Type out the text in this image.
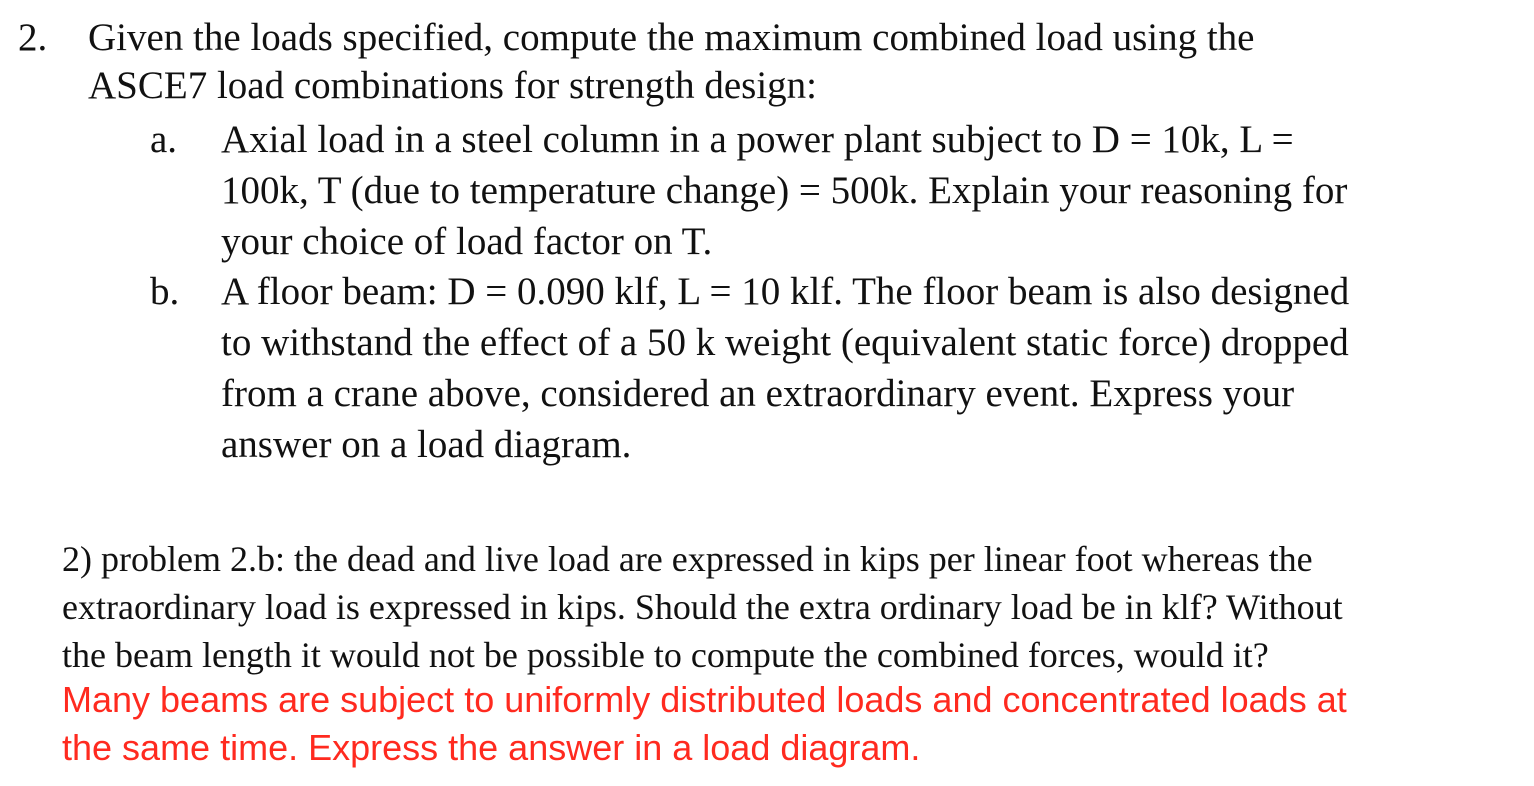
2. Given the loads specified, compute the maximum combined load using the
ASCE7 load combinations for strength design:
a. Axial load in a steel column in a power plant subject to D = 10k, L =
100k, T (due to temperature change) = 500k. Explain your reasoning for
your choice of load factor on T.
b. A floor beam: D = 0.090 klf, L = 10 klf. The floor beam is also designed
to withstand the effect of a 50 k weight (equivalent static force) dropped
from a crane above, considered an extraordinary event. Express your
answer on a load diagram.
2) problem 2.b: the dead and live load are expressed in kips per linear foot whereas the
extraordinary load is expressed in kips. Should the extra ordinary load be in klf? Without
the beam length it would not be possible to compute the combined forces, would it?
Many beams are subject to uniformly distributed loads and concentrated loads at
the same time. Express the answer in a load diagram.
